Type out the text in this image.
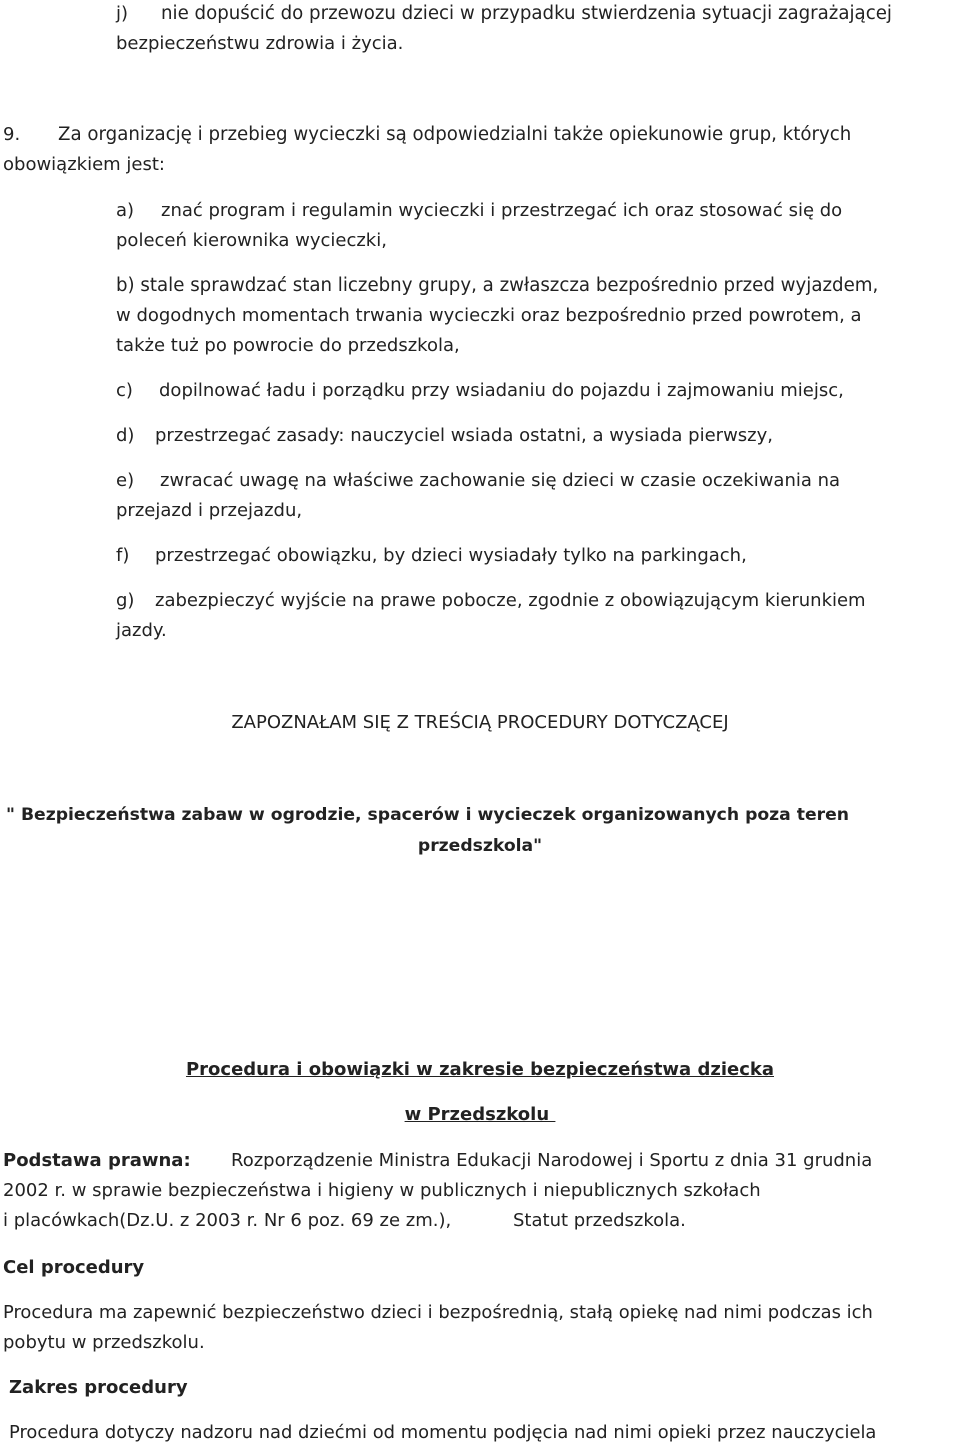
j) nie dopuścić do przewozu dzieci w przypadku stwierdzenia sytuacji zagrażającej
bezpieczeństwu zdrowia i życia.
9. Za organizację i przebieg wycieczki są odpowiedzialni także opiekunowie grup, których
obowiązkiem jest:
a) znać program i regulamin wycieczki i przestrzegać ich oraz stosować się do
poleceń kierownika wycieczki,
b) stale sprawdzać stan liczebny grupy, a zwłaszcza bezpośrednio przed wyjazdem,
w dogodnych momentach trwania wycieczki oraz bezpośrednio przed powrotem, a
także tuż po powrocie do przedszkola,
c) dopilnować ładu i porządku przy wsiadaniu do pojazdu i zajmowaniu miejsc,
d) przestrzegać zasady: nauczyciel wsiada ostatni, a wysiada pierwszy,
e) zwracać uwagę na właściwe zachowanie się dzieci w czasie oczekiwania na
przejazd i przejazdu,
f) przestrzegać obowiązku, by dzieci wysiadały tylko na parkingach,
g) zabezpieczyć wyjście na prawe pobocze, zgodnie z obowiązującym kierunkiem
jazdy.
ZAPOZNAŁAM SIĘ Z TREŚCIĄ PROCEDURY DOTYCZĄCEJ
" Bezpieczeństwa zabaw w ogrodzie, spacerów i wycieczek organizowanych poza teren
przedszkola"
Procedura i obowiązki w zakresie bezpieczeństwa dziecka
w Przedszkolu
Podstawa prawna: Rozporządzenie Ministra Edukacji Narodowej i Sportu z dnia 31 grudnia
2002 r. w sprawie bezpieczeństwa i higieny w publicznych i niepublicznych szkołach
i placówkach(Dz.U. z 2003 r. Nr 6 poz. 69 ze zm.),	Statut przedszkola.
Cel procedury
Procedura ma zapewnić bezpieczeństwo dzieci i bezpośrednią, stałą opiekę nad nimi podczas ich
pobytu w przedszkolu.
Zakres procedury
Procedura dotyczy nadzoru nad dziećmi od momentu podjęcia nad nimi opieki przez nauczyciela
